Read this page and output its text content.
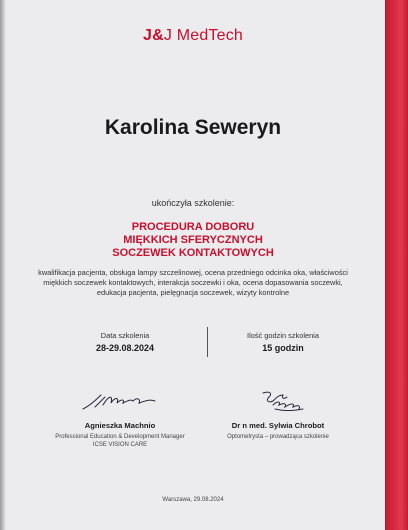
J&J MedTech
Karolina Seweryn
ukończyła szkolenie:
PROCEDURA DOBORU
MIĘKKICH SFERYCZNYCH
SOCZEWEK KONTAKTOWYCH
kwalifikacja pacjenta, obsługa lampy szczelinowej, ocena przedniego odcinka oka, właściwości miękkich soczewek kontaktowych, interakcja soczewki i oka, ocena dopasowania soczewki, edukacja pacjenta, pielęgnacja soczewek, wizyty kontrolne
Data szkolenia
28-29.08.2024
Ilość godzin szkolenia
15 godzin
Agnieszka Machnio
Professional Education & Development Manager
ICSE VISION CARE
Dr n med. Sylwia Chrobot
Optometrystа – prowadząca szkolenie
Warszawa, 29.08.2024
